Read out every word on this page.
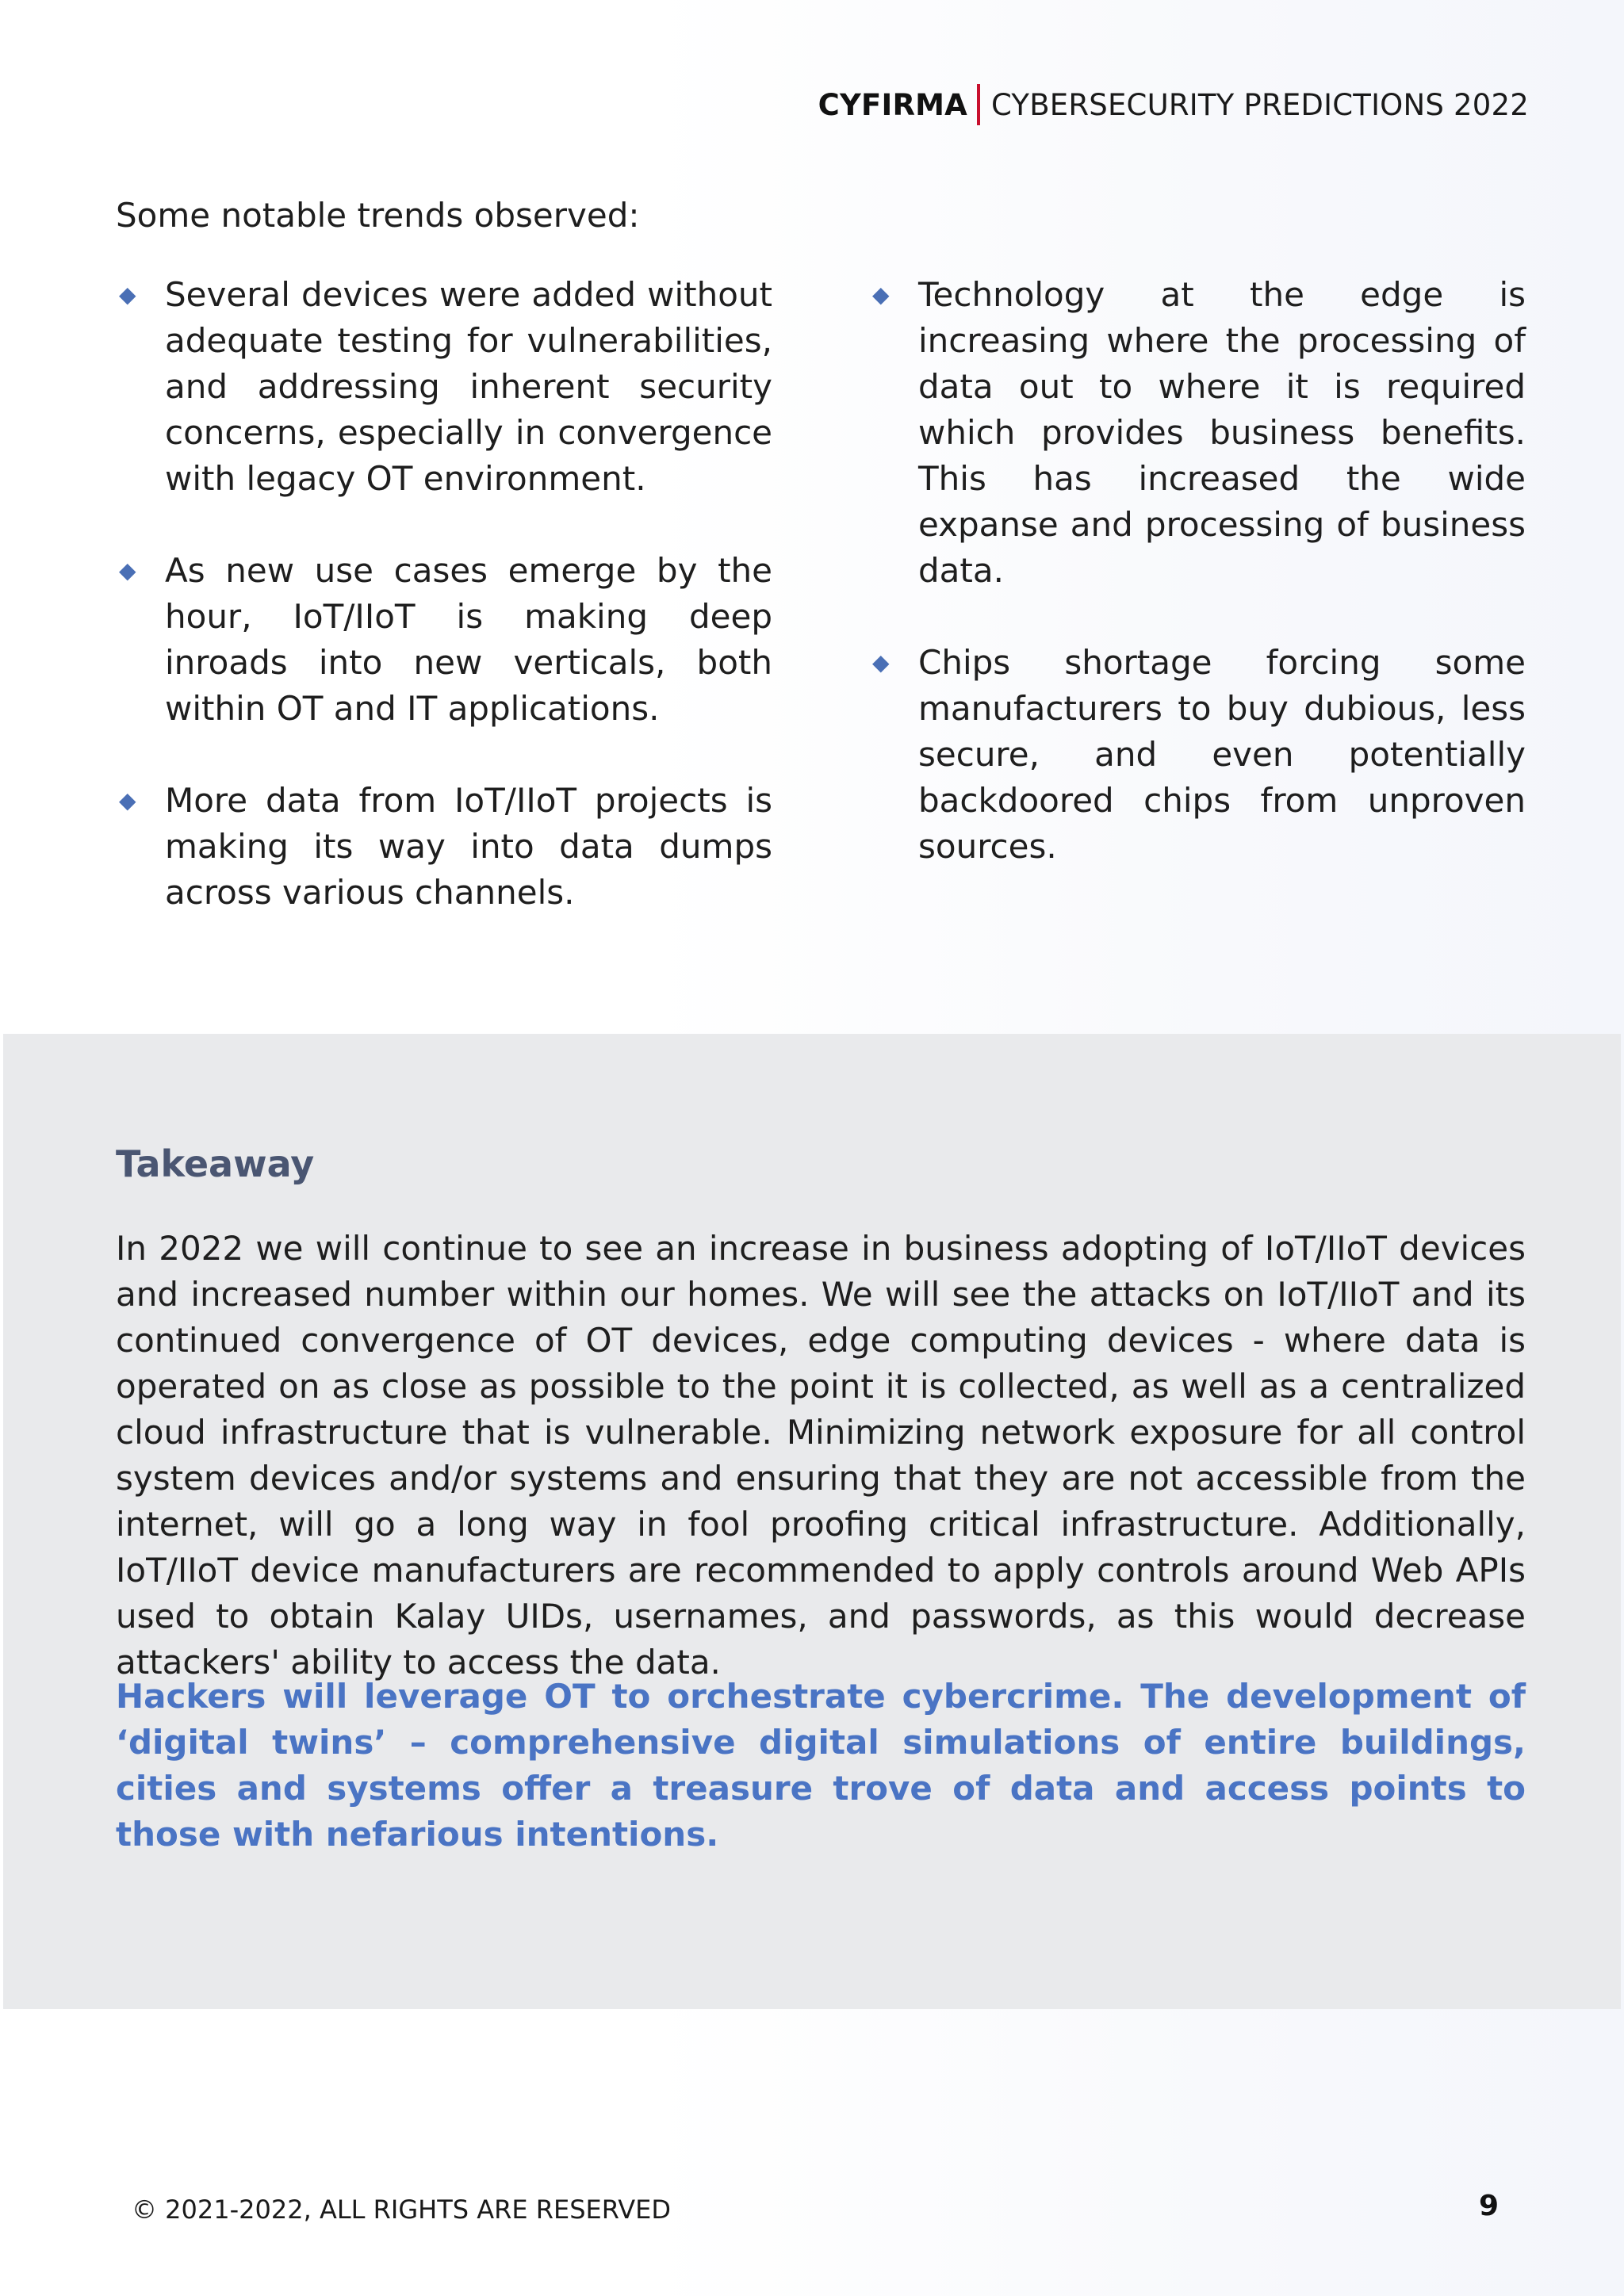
CYFIRMA CYBERSECURITY PREDICTIONS 2022
Some notable trends observed:
◆ Several devices were added without adequate testing for vulnerabilities, and addressing inherent security concerns, especially in convergence with legacy OT environment.
◆ As new use cases emerge by the hour, IoT/IIoT is making deep inroads into new verticals, both within OT and IT applications.
◆ More data from IoT/IIoT projects is making its way into data dumps across various channels.
◆ Technology at the edge is increasing where the processing of data out to where it is required which provides business benefits. This has increased the wide expanse and processing of business data.
◆ Chips shortage forcing some manufacturers to buy dubious, less secure, and even potentially backdoored chips from unproven sources.
Takeaway
In 2022 we will continue to see an increase in business adopting of IoT/IIoT devices and increased number within our homes. We will see the attacks on IoT/IIoT and its continued convergence of OT devices, edge computing devices - where data is operated on as close as possible to the point it is collected, as well as a centralized cloud infrastructure that is vulnerable. Minimizing network exposure for all control system devices and/or systems and ensuring that they are not accessible from the internet, will go a long way in fool proofing critical infrastructure. Additionally, IoT/IIoT device manufacturers are recommended to apply controls around Web APIs used to obtain Kalay UIDs, usernames, and passwords, as this would decrease attackers' ability to access the data.
Hackers will leverage OT to orchestrate cybercrime. The development of ‘digital twins’ – comprehensive digital simulations of entire buildings, cities and systems offer a treasure trove of data and access points to those with nefarious intentions.
© 2021-2022, ALL RIGHTS ARE RESERVED	9
